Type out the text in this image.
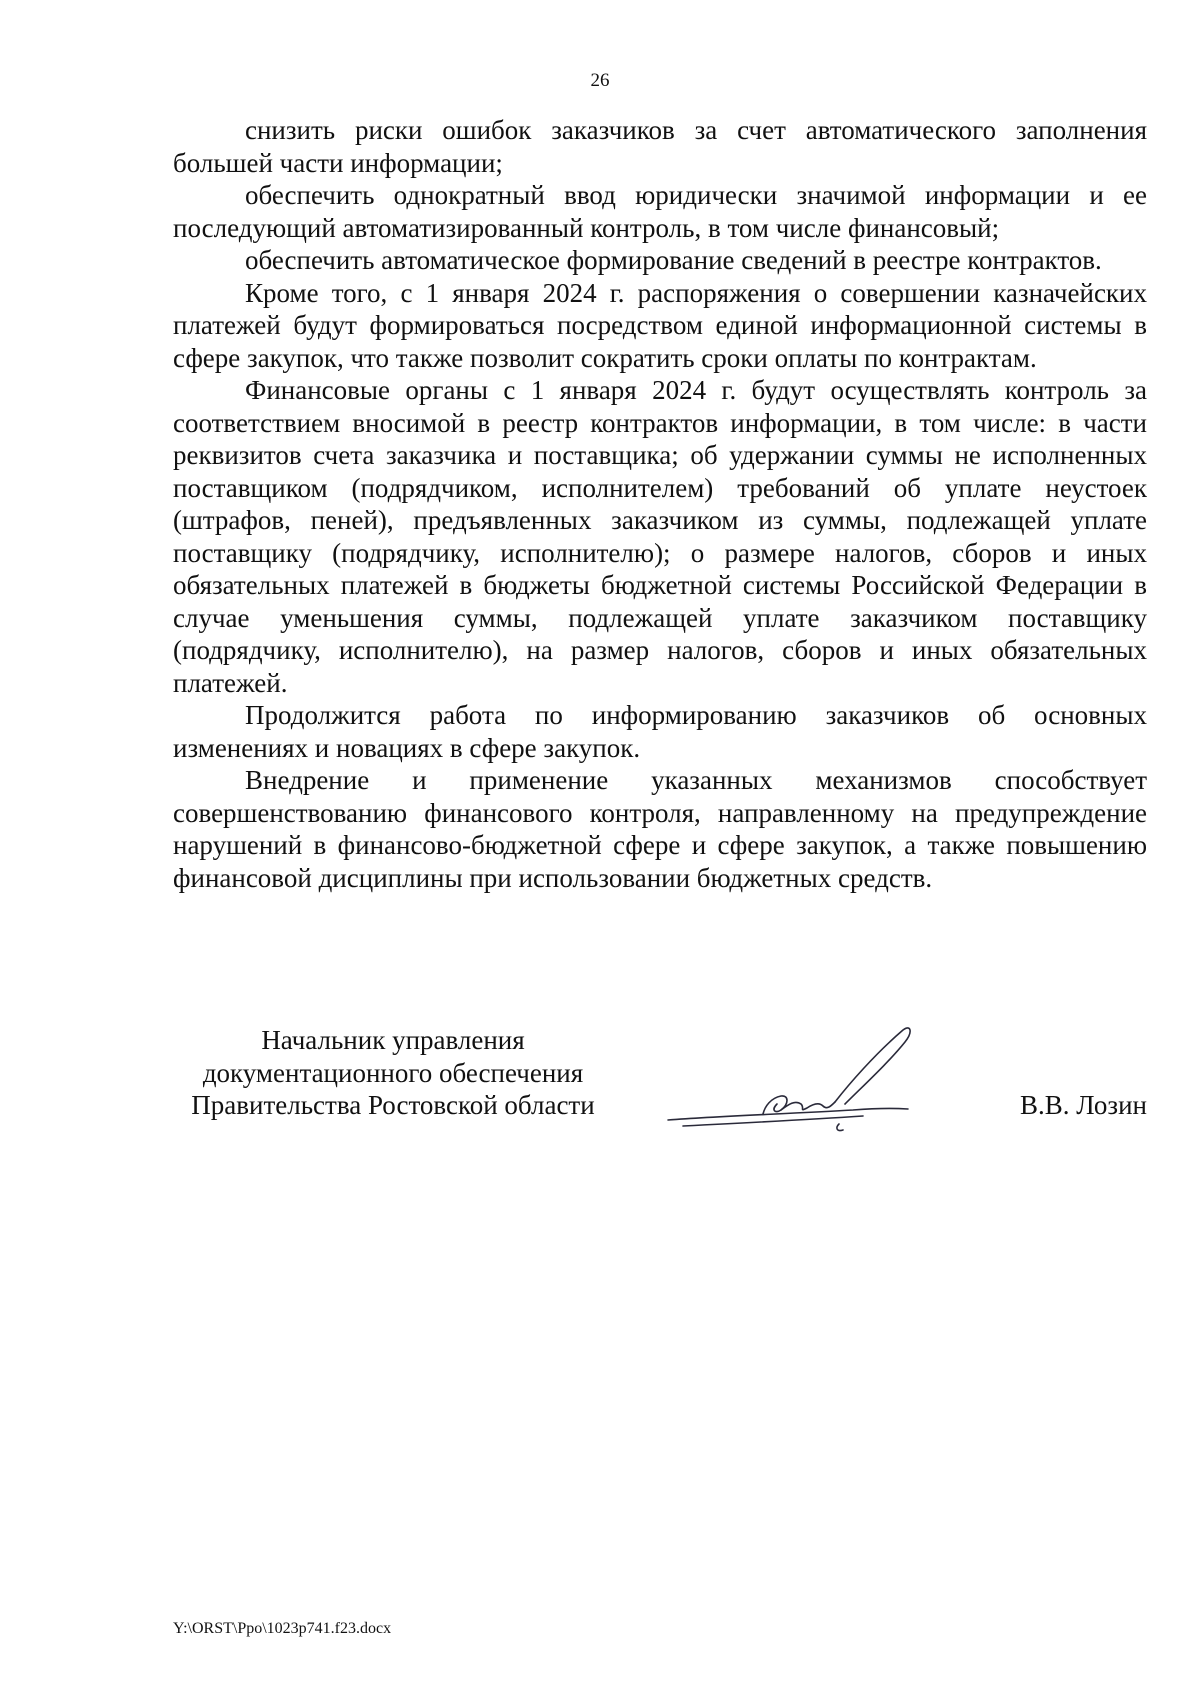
26

снизить риски ошибок заказчиков за счет автоматического заполнения большей части информации;

обеспечить однократный ввод юридически значимой информации и ее последующий автоматизированный контроль, в том числе финансовый;

обеспечить автоматическое формирование сведений в реестре контрактов.

Кроме того, с 1 января 2024 г. распоряжения о совершении казначейских платежей будут формироваться посредством единой информационной системы в сфере закупок, что также позволит сократить сроки оплаты по контрактам.

Финансовые органы с 1 января 2024 г. будут осуществлять контроль за соответствием вносимой в реестр контрактов информации, в том числе: в части реквизитов счета заказчика и поставщика; об удержании суммы не исполненных поставщиком (подрядчиком, исполнителем) требований об уплате неустоек (штрафов, пеней), предъявленных заказчиком из суммы, подлежащей уплате поставщику (подрядчику, исполнителю); о размере налогов, сборов и иных обязательных платежей в бюджеты бюджетной системы Российской Федерации в случае уменьшения суммы, подлежащей уплате заказчиком поставщику (подрядчику, исполнителю), на размер налогов, сборов и иных обязательных платежей.

Продолжится работа по информированию заказчиков об основных изменениях и новациях в сфере закупок.

Внедрение и применение указанных механизмов способствует совершенствованию финансового контроля, направленному на предупреждение нарушений в финансово-бюджетной сфере и сфере закупок, а также повышению финансовой дисциплины при использовании бюджетных средств.

Начальник управления
документационного обеспечения
Правительства Ростовской области	В.В. Лозин
Y:\ORST\Ppo\1023p741.f23.docx
